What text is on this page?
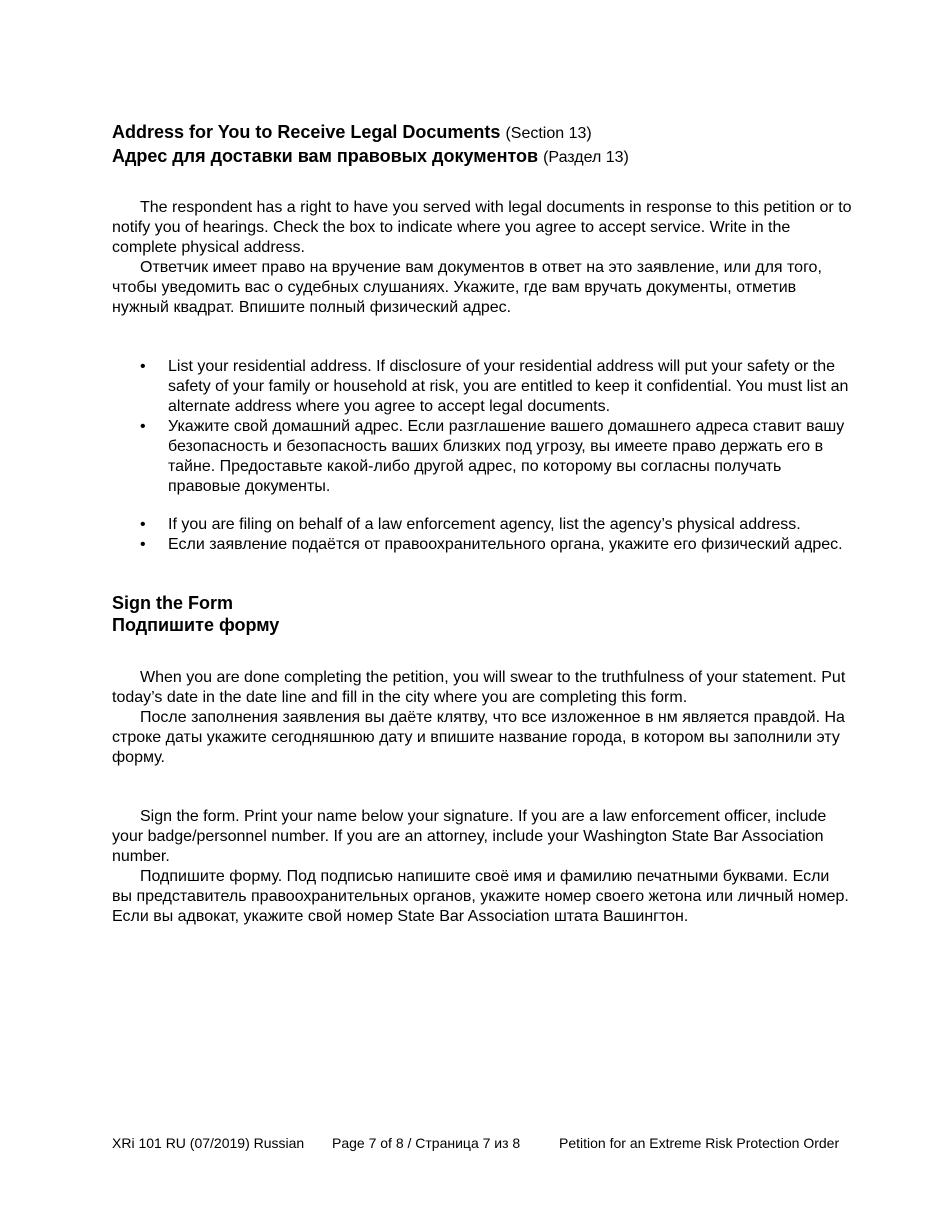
Address for You to Receive Legal Documents (Section 13)

Адрес для доставки вам правовых документов (Раздел 13)

The respondent has a right to have you served with legal documents in response to this petition or to notify you of hearings. Check the box to indicate where you agree to accept service. Write in the complete physical address.

Ответчик имеет право на вручение вам документов в ответ на это заявление, или для того, чтобы уведомить вас о судебных слушаниях. Укажите, где вам вручать документы, отметив нужный квадрат. Впишите полный физический адрес.

• List your residential address. If disclosure of your residential address will put your safety or the safety of your family or household at risk, you are entitled to keep it confidential. You must list an alternate address where you agree to accept legal documents.
• Укажите свой домашний адрес. Если разглашение вашего домашнего адреса ставит вашу безопасность и безопасность ваших близких под угрозу, вы имеете право держать его в тайне. Предоставьте какой-либо другой адрес, по которому вы согласны получать правовые документы.
• If you are filing on behalf of a law enforcement agency, list the agency’s physical address.
• Если заявление подаётся от правоохранительного органа, укажите его физический адрес.

Sign the Form

Подпишите форму

When you are done completing the petition, you will swear to the truthfulness of your statement. Put today’s date in the date line and fill in the city where you are completing this form.

После заполнения заявления вы даёте клятву, что все изложенное в нм является правдой. На строке даты укажите сегодняшнюю дату и впишите название города, в котором вы заполнили эту форму.

Sign the form. Print your name below your signature. If you are a law enforcement officer, include your badge/personnel number. If you are an attorney, include your Washington State Bar Association number.

Подпишите форму. Под подписью напишите своё имя и фамилию печатными буквами. Если вы представитель правоохранительных органов, укажите номер своего жетона или личный номер. Если вы адвокат, укажите свой номер State Bar Association штата Вашингтон.

XRi 101 RU (07/2019) Russian	Page 7 of 8 / Страница 7 из 8	Petition for an Extreme Risk Protection Order
